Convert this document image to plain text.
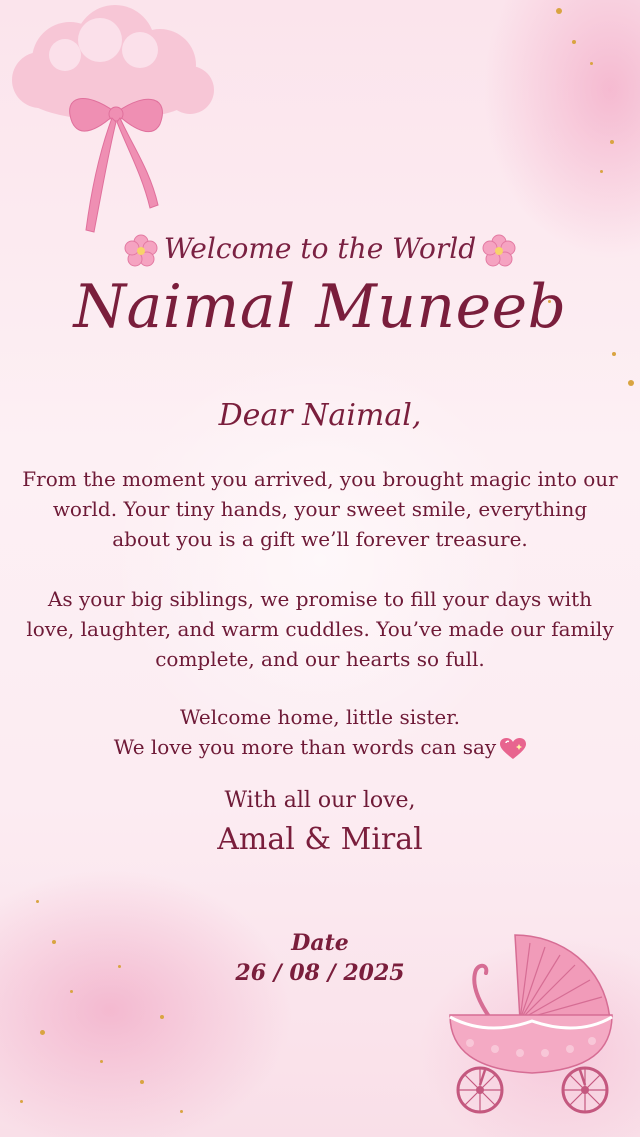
Welcome to the World

Naimal Muneeb

Dear Naimal,

From the moment you arrived, you brought magic into our world. Your tiny hands, your sweet smile, everything about you is a gift we’ll forever treasure.

As your big siblings, we promise to fill your days with love, laughter, and warm cuddles. You’ve made our family complete, and our hearts so full.

Welcome home, little sister.
We love you more than words can say

With all our love,

Amal & Miral

Date

26 / 08 / 2025
